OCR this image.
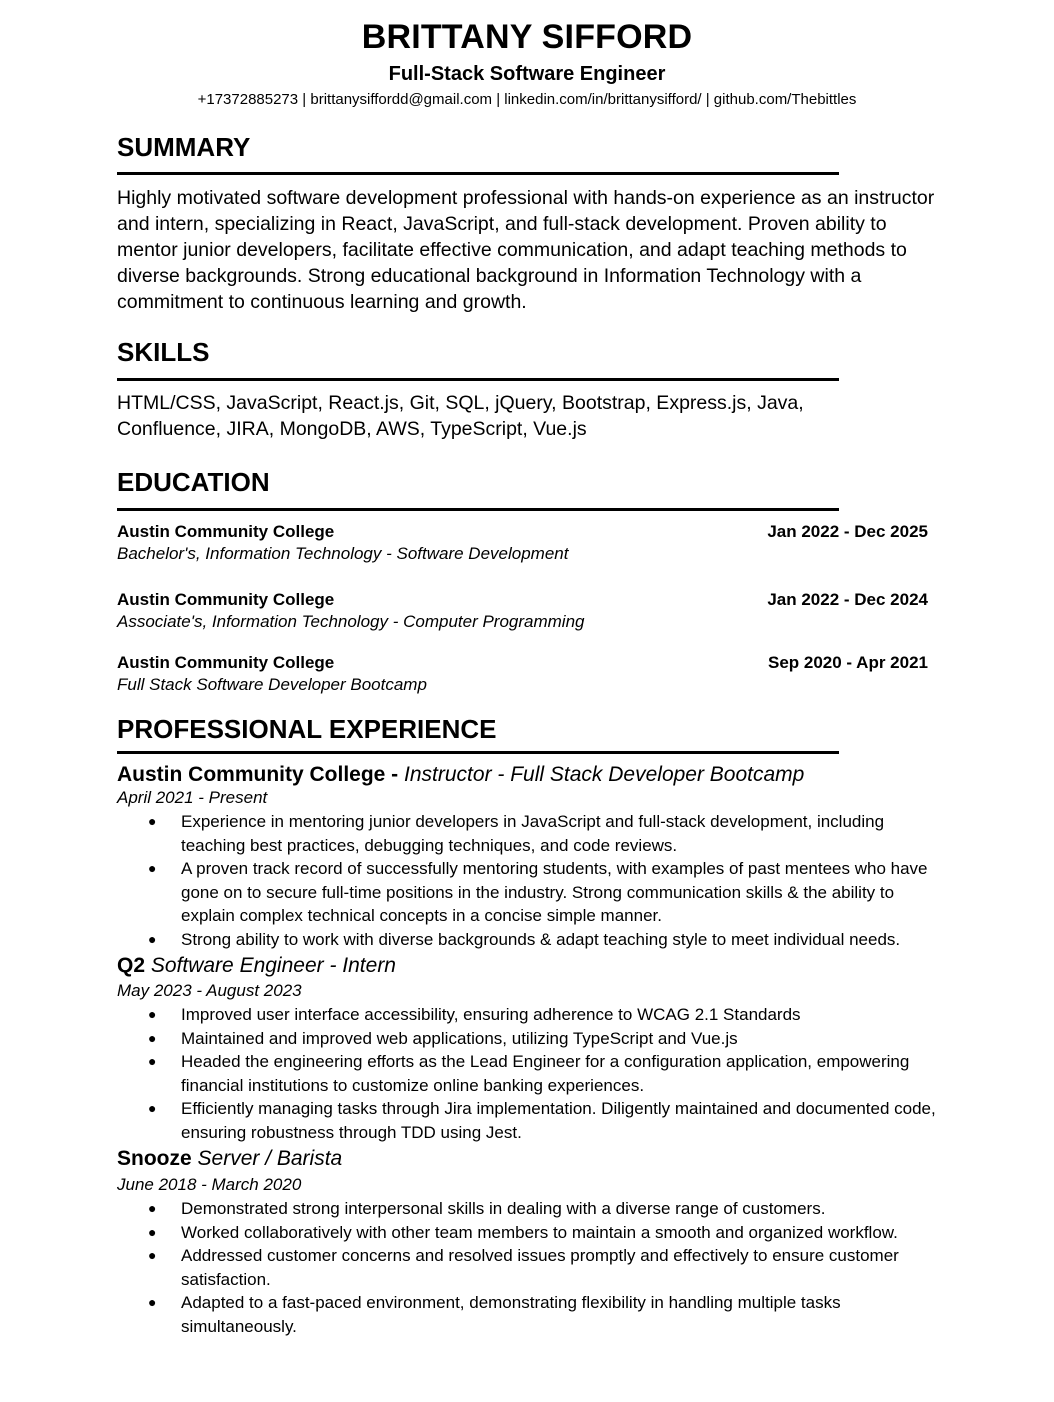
BRITTANY SIFFORD
Full-Stack Software Engineer
+17372885273 | brittanysiffordd@gmail.com | linkedin.com/in/brittanysifford/ | github.com/Thebittles
SUMMARY
Highly motivated software development professional with hands-on experience as an instructor and intern, specializing in React, JavaScript, and full-stack development. Proven ability to mentor junior developers, facilitate effective communication, and adapt teaching methods to diverse backgrounds. Strong educational background in Information Technology with a commitment to continuous learning and growth.
SKILLS
HTML/CSS, JavaScript, React.js, Git, SQL, jQuery, Bootstrap, Express.js, Java, Confluence, JIRA, MongoDB, AWS, TypeScript, Vue.js
EDUCATION
Austin Community College	Jan 2022 - Dec 2025
Bachelor's, Information Technology - Software Development
Austin Community College	Jan 2022 - Dec 2024
Associate's, Information Technology - Computer Programming
Austin Community College	Sep 2020 - Apr 2021
Full Stack Software Developer Bootcamp
PROFESSIONAL EXPERIENCE
Austin Community College - Instructor - Full Stack Developer Bootcamp
April 2021 - Present
● Experience in mentoring junior developers in JavaScript and full-stack development, including teaching best practices, debugging techniques, and code reviews.
● A proven track record of successfully mentoring students, with examples of past mentees who have gone on to secure full-time positions in the industry. Strong communication skills & the ability to explain complex technical concepts in a concise simple manner.
● Strong ability to work with diverse backgrounds & adapt teaching style to meet individual needs.
Q2 Software Engineer - Intern
May 2023 - August 2023
● Improved user interface accessibility, ensuring adherence to WCAG 2.1 Standards
● Maintained and improved web applications, utilizing TypeScript and Vue.js
● Headed the engineering efforts as the Lead Engineer for a configuration application, empowering financial institutions to customize online banking experiences.
● Efficiently managing tasks through Jira implementation. Diligently maintained and documented code, ensuring robustness through TDD using Jest.
Snooze Server / Barista
June 2018 - March 2020
● Demonstrated strong interpersonal skills in dealing with a diverse range of customers.
● Worked collaboratively with other team members to maintain a smooth and organized workflow.
● Addressed customer concerns and resolved issues promptly and effectively to ensure customer satisfaction.
● Adapted to a fast-paced environment, demonstrating flexibility in handling multiple tasks simultaneously.
